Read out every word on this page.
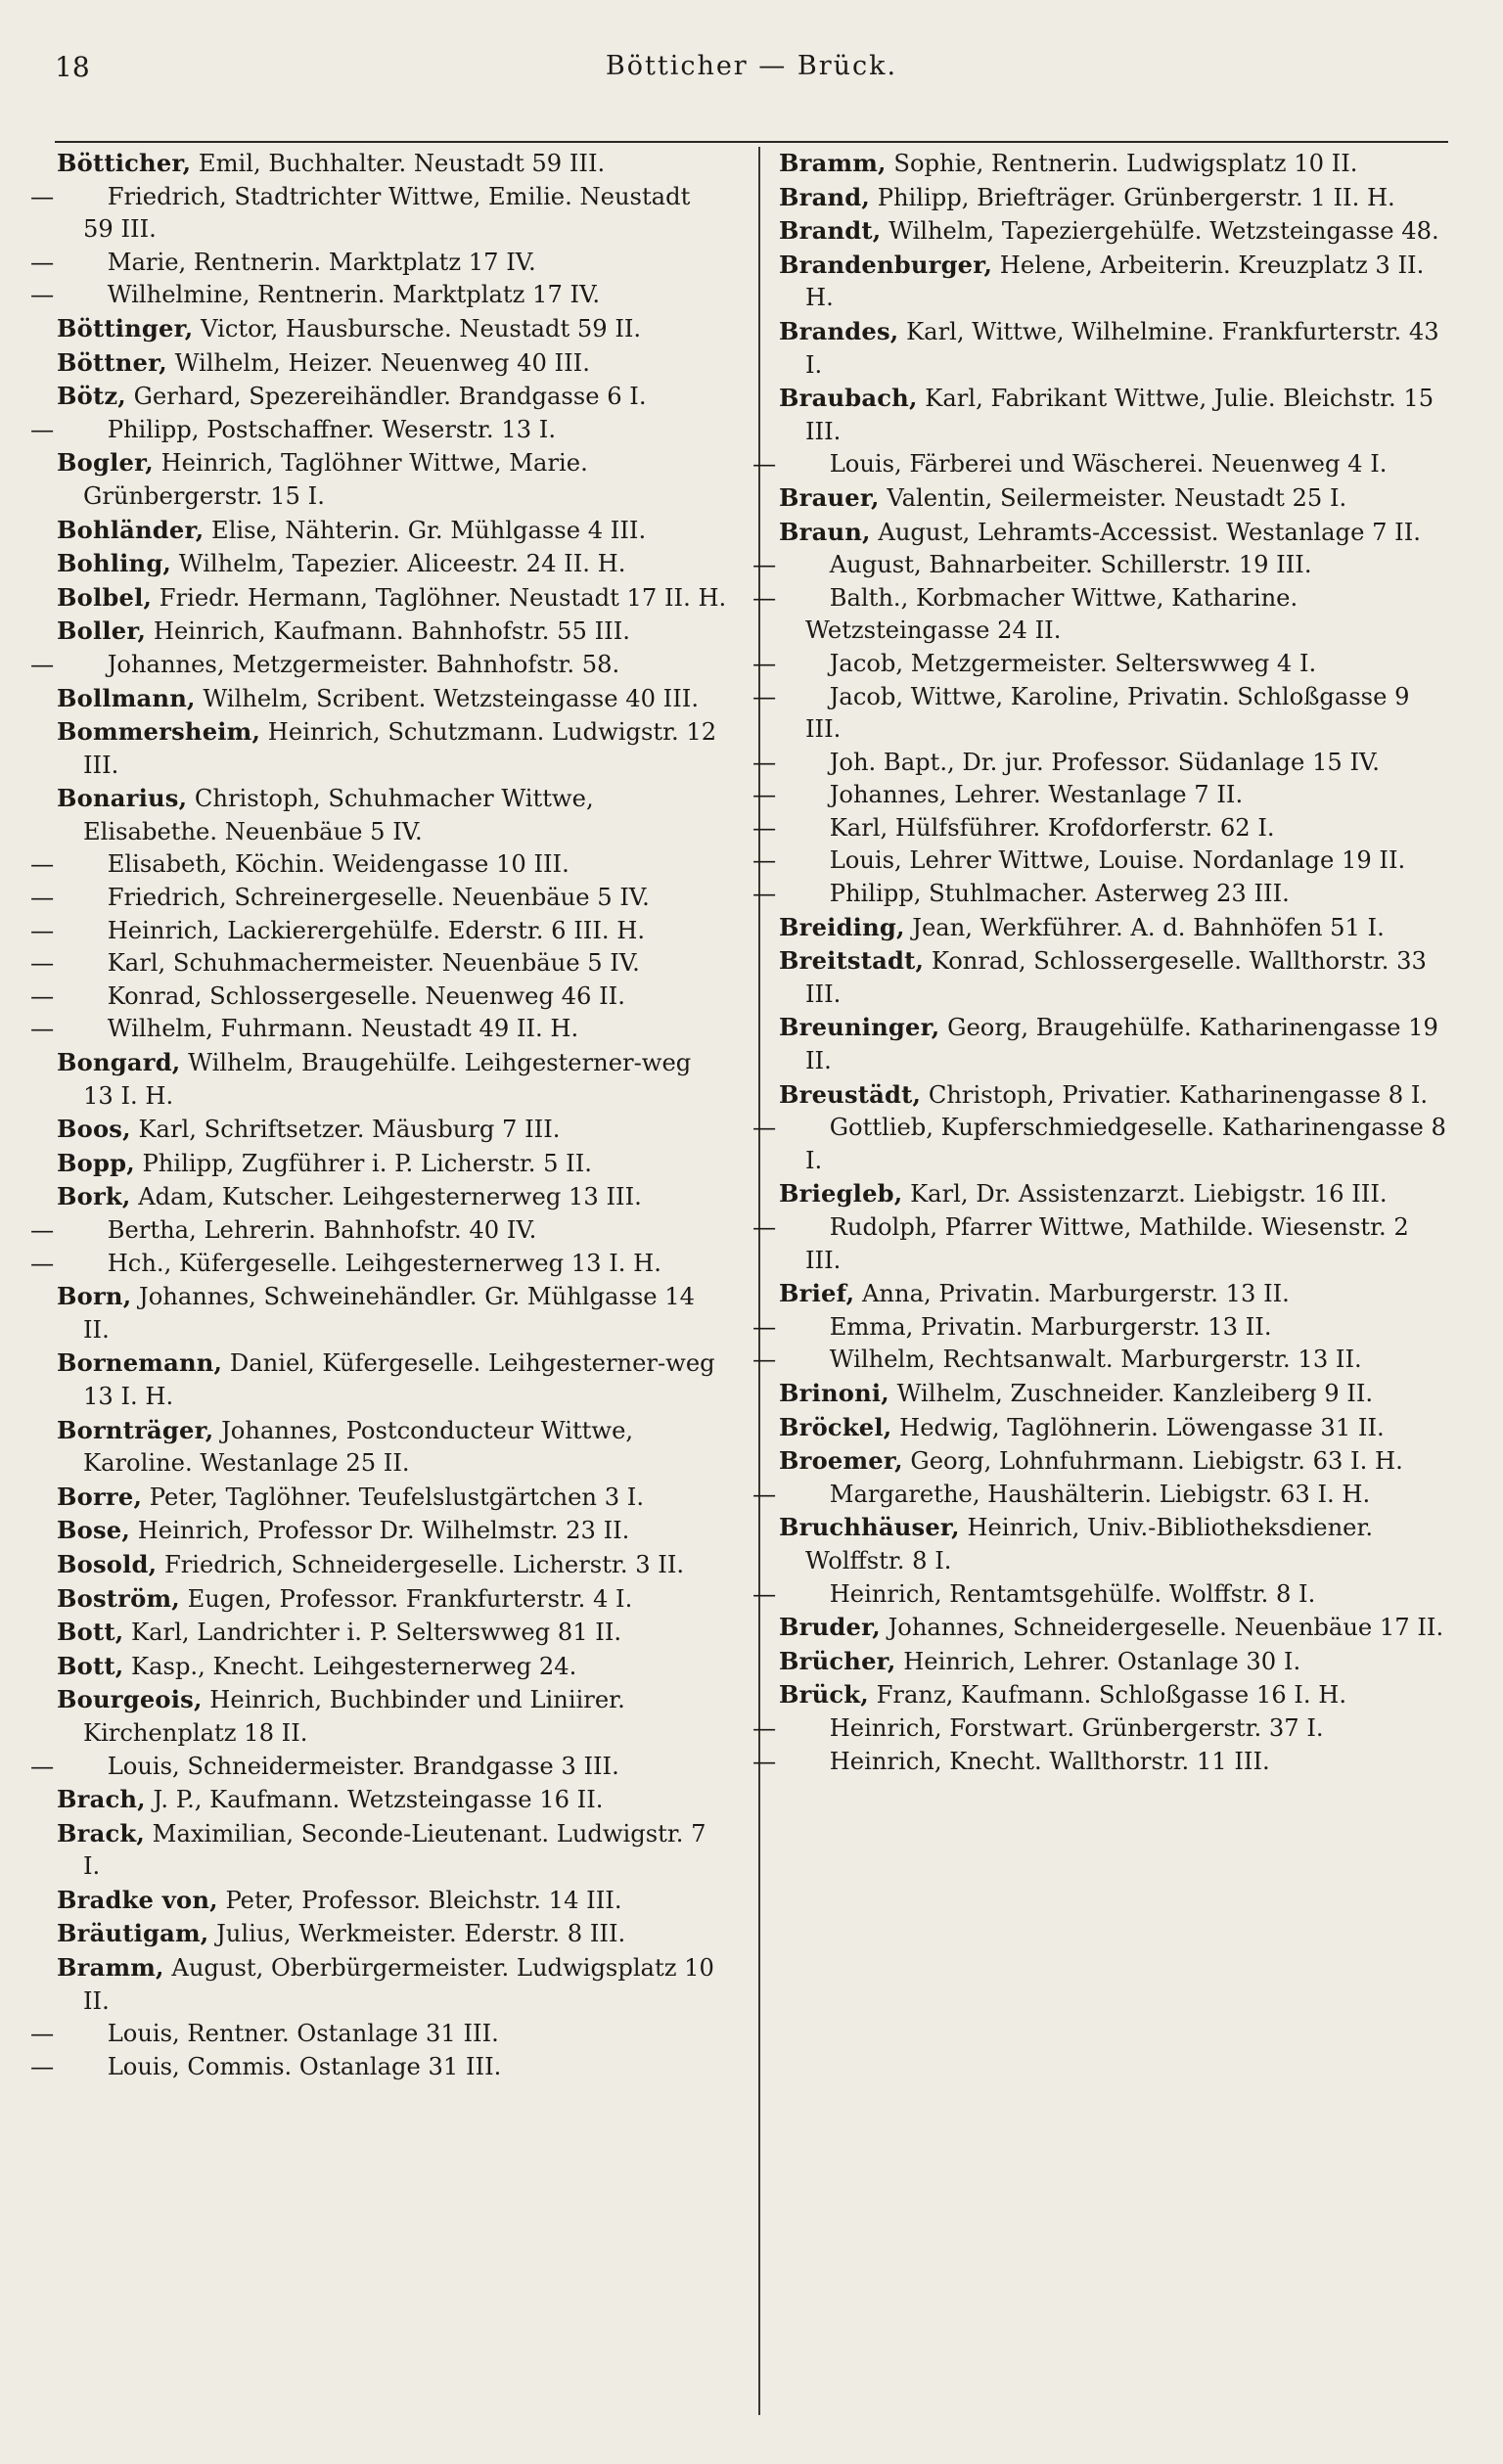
18	Bötticher — Brück.

Bötticher, Emil, Buchhalter. Neustadt 59 III.

— Friedrich, Stadtrichter Wittwe, Emilie. Neustadt 59 III.

— Marie, Rentnerin. Marktplatz 17 IV.

— Wilhelmine, Rentnerin. Marktplatz 17 IV.

Böttinger, Victor, Hausbursche. Neustadt 59 II.

Böttner, Wilhelm, Heizer. Neuenweg 40 III.

Bötz, Gerhard, Spezereihändler. Brandgasse 6 I.

— Philipp, Postschaffner. Weserstr. 13 I.

Bogler, Heinrich, Taglöhner Wittwe, Marie. Grünbergerstr. 15 I.

Bohländer, Elise, Nähterin. Gr. Mühlgasse 4 III.

Bohling, Wilhelm, Tapezier. Aliceestr. 24 II. H.

Bolbel, Friedr. Hermann, Taglöhner. Neustadt 17 II. H.

Boller, Heinrich, Kaufmann. Bahnhofstr. 55 III.

— Johannes, Metzgermeister. Bahnhofstr. 58.

Bollmann, Wilhelm, Scribent. Wetzsteingasse 40 III.

Bommersheim, Heinrich, Schutzmann. Ludwigstr. 12 III.

Bonarius, Christoph, Schuhmacher Wittwe, Elisabethe. Neuenbäue 5 IV.

— Elisabeth, Köchin. Weidengasse 10 III.

— Friedrich, Schreinergeselle. Neuenbäue 5 IV.

— Heinrich, Lackierergehülfe. Ederstr. 6 III. H.

— Karl, Schuhmachermeister. Neuenbäue 5 IV.

— Konrad, Schlossergeselle. Neuenweg 46 II.

— Wilhelm, Fuhrmann. Neustadt 49 II. H.

Bongard, Wilhelm, Braugehülfe. Leihgesterner-weg 13 I. H.

Boos, Karl, Schriftsetzer. Mäusburg 7 III.

Bopp, Philipp, Zugführer i. P. Licherstr. 5 II.

Bork, Adam, Kutscher. Leihgesternerweg 13 III.

— Bertha, Lehrerin. Bahnhofstr. 40 IV.

— Hch., Küfergeselle. Leihgesternerweg 13 I. H.

Born, Johannes, Schweinehändler. Gr. Mühlgasse 14 II.

Bornemann, Daniel, Küfergeselle. Leihgesterner-weg 13 I. H.

Bornträger, Johannes, Postconducteur Wittwe, Karoline. Westanlage 25 II.

Borre, Peter, Taglöhner. Teufelslustgärtchen 3 I.

Bose, Heinrich, Professor Dr. Wilhelmstr. 23 II.

Bosold, Friedrich, Schneidergeselle. Licherstr. 3 II.

Boström, Eugen, Professor. Frankfurterstr. 4 I.

Bott, Karl, Landrichter i. P. Selterswweg 81 II.

Bott, Kasp., Knecht. Leihgesternerweg 24.

Bourgeois, Heinrich, Buchbinder und Liniirer. Kirchenplatz 18 II.

— Louis, Schneidermeister. Brandgasse 3 III.

Brach, J. P., Kaufmann. Wetzsteingasse 16 II.

Brack, Maximilian, Seconde-Lieutenant. Ludwigstr. 7 I.

Bradke von, Peter, Professor. Bleichstr. 14 III.

Bräutigam, Julius, Werkmeister. Ederstr. 8 III.

Bramm, August, Oberbürgermeister. Ludwigsplatz 10 II.

— Louis, Rentner. Ostanlage 31 III.

— Louis, Commis. Ostanlage 31 III.

Bramm, Sophie, Rentnerin. Ludwigsplatz 10 II.

Brand, Philipp, Briefträger. Grünbergerstr. 1 II. H.

Brandt, Wilhelm, Tapeziergehülfe. Wetzsteingasse 48.

Brandenburger, Helene, Arbeiterin. Kreuzplatz 3 II. H.

Brandes, Karl, Wittwe, Wilhelmine. Frankfurterstr. 43 I.

Braubach, Karl, Fabrikant Wittwe, Julie. Bleichstr. 15 III.

— Louis, Färberei und Wäscherei. Neuenweg 4 I.

Brauer, Valentin, Seilermeister. Neustadt 25 I.

Braun, August, Lehramts-Accessist. Westanlage 7 II.

— August, Bahnarbeiter. Schillerstr. 19 III.

— Balth., Korbmacher Wittwe, Katharine. Wetzsteingasse 24 II.

— Jacob, Metzgermeister. Selterswweg 4 I.

— Jacob, Wittwe, Karoline, Privatin. Schloßgasse 9 III.

— Joh. Bapt., Dr. jur. Professor. Südanlage 15 IV.

— Johannes, Lehrer. Westanlage 7 II.

— Karl, Hülfsführer. Krofdorferstr. 62 I.

— Louis, Lehrer Wittwe, Louise. Nordanlage 19 II.

— Philipp, Stuhlmacher. Asterweg 23 III.

Breiding, Jean, Werkführer. A. d. Bahnhöfen 51 I.

Breitstadt, Konrad, Schlossergeselle. Wallthorstr. 33 III.

Breuninger, Georg, Braugehülfe. Katharinengasse 19 II.

Breustädt, Christoph, Privatier. Katharinengasse 8 I.

— Gottlieb, Kupferschmiedgeselle. Katharinengasse 8 I.

Briegleb, Karl, Dr. Assistenzarzt. Liebigstr. 16 III.

— Rudolph, Pfarrer Wittwe, Mathilde. Wiesenstr. 2 III.

Brief, Anna, Privatin. Marburgerstr. 13 II.

— Emma, Privatin. Marburgerstr. 13 II.

— Wilhelm, Rechtsanwalt. Marburgerstr. 13 II.

Brinoni, Wilhelm, Zuschneider. Kanzleiberg 9 II.

Bröckel, Hedwig, Taglöhnerin. Löwengasse 31 II.

Broemer, Georg, Lohnfuhrmann. Liebigstr. 63 I. H.

— Margarethe, Haushälterin. Liebigstr. 63 I. H.

Bruchhäuser, Heinrich, Univ.-Bibliotheksdiener. Wolffstr. 8 I.

— Heinrich, Rentamtsgehülfe. Wolffstr. 8 I.

Bruder, Johannes, Schneidergeselle. Neuenbäue 17 II.

Brücher, Heinrich, Lehrer. Ostanlage 30 I.

Brück, Franz, Kaufmann. Schloßgasse 16 I. H.

— Heinrich, Forstwart. Grünbergerstr. 37 I.

— Heinrich, Knecht. Wallthorstr. 11 III.
